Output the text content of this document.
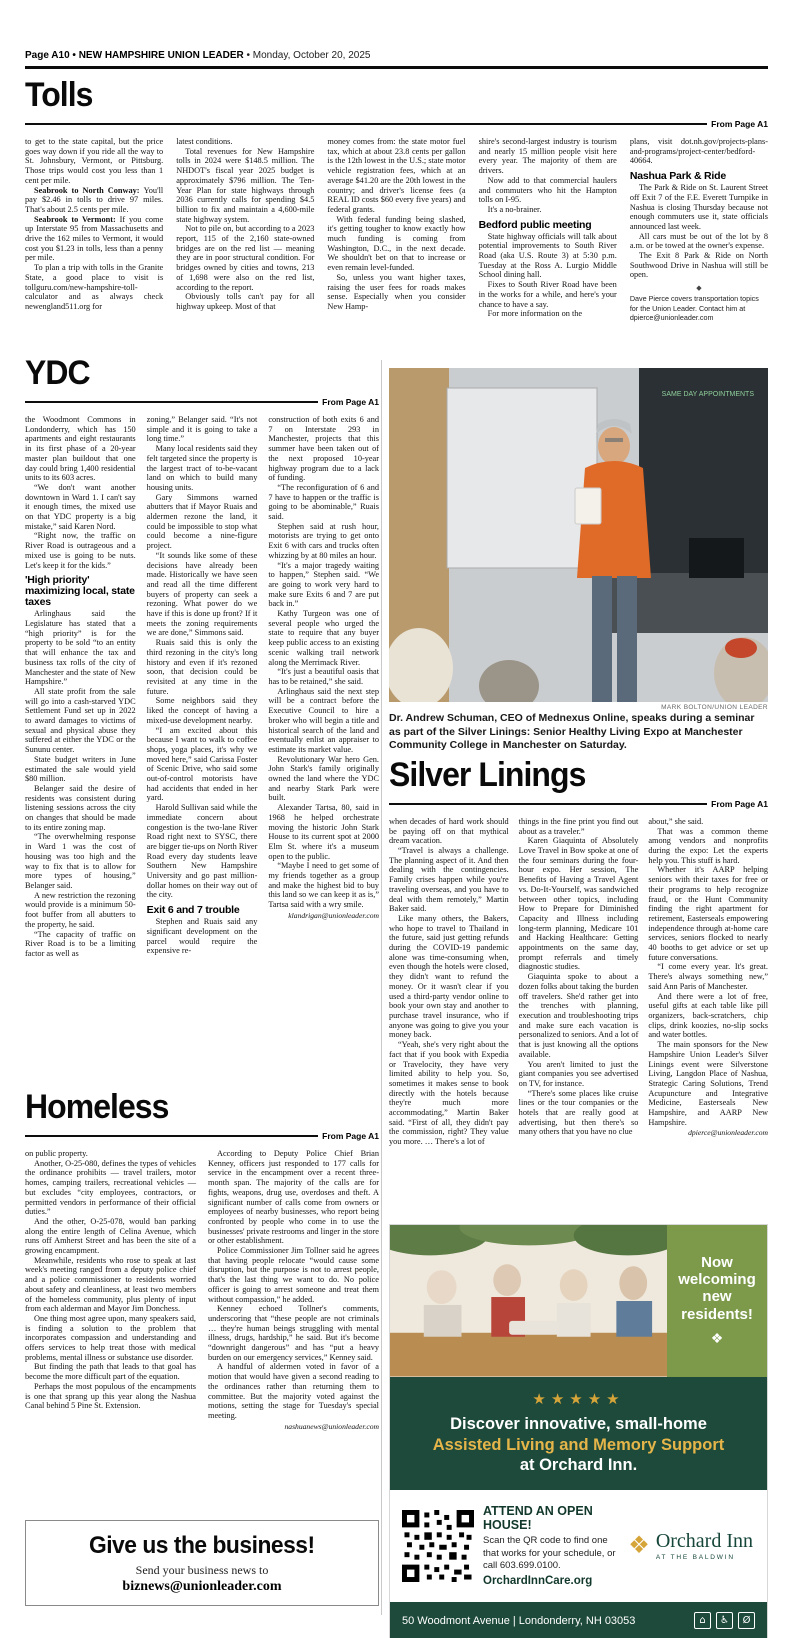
Page A10 • NEW HAMPSHIRE UNION LEADER • Monday, October 20, 2025
Tolls
From Page A1

to get to the state capital, but the price goes way down if you ride all the way to St. Johnsbury, Vermont, or Pittsburg. Those trips would cost you less than 1 cent per mile.

Seabrook to North Conway: You'll pay $2.46 in tolls to drive 97 miles. That's about 2.5 cents per mile.

Seabrook to Vermont: If you come up Interstate 95 from Massachusetts and drive the 162 miles to Vermont, it would cost you $1.23 in tolls, less than a penny per mile.

To plan a trip with tolls in the Granite State, a good place to visit is tollguru.com/new-hampshire-toll-calculator and as always check newengland511.org for

latest conditions.

Total revenues for New Hampshire tolls in 2024 were $148.5 million. The NHDOT's fiscal year 2025 budget is approximately $796 million. The Ten-Year Plan for state highways through 2036 currently calls for spending $4.5 billion to fix and maintain a 4,600-mile state highway system.

Not to pile on, but according to a 2023 report, 115 of the 2,160 state-owned bridges are on the red list — meaning they are in poor structural condition. For bridges owned by cities and towns, 213 of 1,698 were also on the red list, according to the report.

Obviously tolls can't pay for all highway upkeep. Most of that

money comes from: the state motor fuel tax, which at about 23.8 cents per gallon is the 12th lowest in the U.S.; state motor vehicle registration fees, which at an average $41.20 are the 20th lowest in the country; and driver's license fees (a REAL ID costs $60 every five years) and federal grants.

With federal funding being slashed, it's getting tougher to know exactly how much funding is coming from Washington, D.C., in the next decade. We shouldn't bet on that to increase or even remain level-funded.

So, unless you want higher taxes, raising the user fees for roads makes sense. Especially when you consider New Hamp-

shire's second-largest industry is tourism and nearly 15 million people visit here every year. The majority of them are drivers.

Now add to that commercial haulers and commuters who hit the Hampton tolls on I-95.

It's a no-brainer.

Bedford public meeting

State highway officials will talk about potential improvements to South River Road (aka U.S. Route 3) at 5:30 p.m. Tuesday at the Ross A. Lurgio Middle School dining hall.

Fixes to South River Road have been in the works for a while, and here's your chance to have a say.

For more information on the

plans, visit dot.nh.gov/projects-plans-and-programs/project-center/bedford-40664.

Nashua Park & Ride

The Park & Ride on St. Laurent Street off Exit 7 of the F.E. Everett Turnpike in Nashua is closing Thursday because not enough commuters use it, state officials announced last week.

All cars must be out of the lot by 8 a.m. or be towed at the owner's expense.

The Exit 8 Park & Ride on North Southwood Drive in Nashua will still be open.

◆

Dave Pierce covers transportation topics for the Union Leader. Contact him at dpierce@unionleader.com

YDC
From Page A1

the Woodmont Commons in Londonderry, which has 150 apartments and eight restaurants in its first phase of a 20-year master plan buildout that one day could bring 1,400 residential units to its 603 acres.

“We don't want another downtown in Ward 1. I can't say it enough times, the mixed use on that YDC property is a big mistake,” said Karen Nord.

“Right now, the traffic on River Road is outrageous and a mixed use is going to be nuts. Let's keep it for the kids.”

'High priority' maximizing local, state taxes

Arlinghaus said the Legislature has stated that a “high priority” is for the property to be sold “to an entity that will enhance the tax and business tax rolls of the city of Manchester and the state of New Hampshire.”

All state profit from the sale will go into a cash-starved YDC Settlement Fund set up in 2022 to award damages to victims of sexual and physical abuse they suffered at either the YDC or the Sununu center.

State budget writers in June estimated the sale would yield $80 million.

Belanger said the desire of residents was consistent during listening sessions across the city on changes that should be made to its entire zoning map.

“The overwhelming response in Ward 1 was the cost of housing was too high and the way to fix that is to allow for more types of housing,” Belanger said.

A new restriction the rezoning would provide is a minimum 50-foot buffer from all abutters to the property, he said.

“The capacity of traffic on River Road is to be a limiting factor as well as

zoning,” Belanger said. “It's not simple and it is going to take a long time.”

Many local residents said they felt targeted since the property is the largest tract of to-be-vacant land on which to build many housing units.

Gary Simmons warned abutters that if Mayor Ruais and aldermen rezone the land, it could be impossible to stop what could become a nine-figure project.

“It sounds like some of these decisions have already been made. Historically we have seen and read all the time different buyers of property can seek a rezoning. What power do we have if this is done up front? If it meets the zoning requirements we are done,” Simmons said.

Ruais said this is only the third rezoning in the city's long history and even if it's rezoned soon, that decision could be revisited at any time in the future.

Some neighbors said they liked the concept of having a mixed-use development nearby.

“I am excited about this because I want to walk to coffee shops, yoga places, it's why we moved here,” said Carissa Foster of Scenic Drive, who said some out-of-control motorists have had accidents that ended in her yard.

Harold Sullivan said while the immediate concern about congestion is the two-lane River Road right next to SYSC, there are bigger tie-ups on North River Road every day students leave Southern New Hampshire University and go past million-dollar homes on their way out of the city.

Exit 6 and 7 trouble

Stephen and Ruais said any significant development on the parcel would require the expensive re-

construction of both exits 6 and 7 on Interstate 293 in Manchester, projects that this summer have been taken out of the next proposed 10-year highway program due to a lack of funding.

“The reconfiguration of 6 and 7 have to happen or the traffic is going to be abominable,” Ruais said.

Stephen said at rush hour, motorists are trying to get onto Exit 6 with cars and trucks often whizzing by at 80 miles an hour.

“It's a major tragedy waiting to happen,” Stephen said. “We are going to work very hard to make sure Exits 6 and 7 are put back in.”

Kathy Turgeon was one of several people who urged the state to require that any buyer keep public access to an existing scenic walking trail network along the Merrimack River.

“It's just a beautiful oasis that has to be retained,” she said.

Arlinghaus said the next step will be a contract before the Executive Council to hire a broker who will begin a title and historical search of the land and eventually enlist an appraiser to estimate its market value.

Revolutionary War hero Gen. John Stark's family originally owned the land where the YDC and nearby Stark Park were built.

Alexander Tartsa, 80, said in 1968 he helped orchestrate moving the historic John Stark House to its current spot at 2000 Elm St. where it's a museum open to the public.

“Maybe I need to get some of my friends together as a group and make the highest bid to buy this land so we can keep it as is,” Tartsa said with a wry smile.

klandrigan@unionleader.com

Homeless
From Page A1

on public property.

Another, O-25-080, defines the types of vehicles the ordinance prohibits — travel trailers, motor homes, camping trailers, recreational vehicles — but excludes “city employees, contractors, or permitted vendors in performance of their official duties.”

And the other, O-25-078, would ban parking along the entire length of Celina Avenue, which runs off Amherst Street and has been the site of a growing encampment.

Meanwhile, residents who rose to speak at last week's meeting ranged from a deputy police chief and a police commissioner to residents worried about safety and cleanliness, at least two members of the homeless community, plus plenty of input from each alderman and Mayor Jim Donchess.

One thing most agree upon, many speakers said, is finding a solution to the problem that incorporates compassion and understanding and offers services to help treat those with medical problems, mental illness or substance use disorder.

But finding the path that leads to that goal has become the more difficult part of the equation.

Perhaps the most populous of the encampments is one that sprang up this year along the Nashua Canal behind 5 Pine St. Extension.

According to Deputy Police Chief Brian Kenney, officers just responded to 177 calls for service in the encampment over a recent three-month span. The majority of the calls are for fights, weapons, drug use, overdoses and theft. A significant number of calls come from owners or employees of nearby businesses, who report being confronted by people who come in to use the businesses' private restrooms and linger in the store or other establishment.

Police Commissioner Jim Tollner said he agrees that having people relocate “would cause some disruption, but the purpose is not to arrest people, that's the last thing we want to do. No police officer is going to arrest someone and treat them without compassion,” he added.

Kenney echoed Tollner's comments, underscoring that “these people are not criminals … they're human beings struggling with mental illness, drugs, hardship,” he said. But it's become “downright dangerous” and has “put a heavy burden on our emergency services,” Kenney said.

A handful of aldermen voted in favor of a motion that would have given a second reading to the ordinances rather than returning them to committee. But the majority voted against the motions, setting the stage for Tuesday's special meeting.

nashuanews@unionleader.com

Give us the business!
Send your business news to
biznews@unionleader.com
SAME DAY APPOINTMENTS
MARK BOLTON/UNION LEADER
Dr. Andrew Schuman, CEO of Mednexus Online, speaks during a seminar as part of the Silver Linings: Senior Healthy Living Expo at Manchester Community College in Manchester on Saturday.
Silver Linings
From Page A1

when decades of hard work should be paying off on that mythical dream vacation.

“Travel is always a challenge. The planning aspect of it. And then dealing with the contingencies. Family crises happen while you're traveling overseas, and you have to deal with them remotely,” Martin Baker said.

Like many others, the Bakers, who hope to travel to Thailand in the future, said just getting refunds during the COVID-19 pandemic alone was time-consuming when, even though the hotels were closed, they didn't want to refund the money. Or it wasn't clear if you used a third-party vendor online to book your own stay and another to purchase travel insurance, who if anyone was going to give you your money back.

“Yeah, she's very right about the fact that if you book with Expedia or Travelocity, they have very limited ability to help you. So, sometimes it makes sense to book directly with the hotels because they're much more accommodating,” Martin Baker said. “First of all, they didn't pay the commission, right? They value you more. … There's a lot of

things in the fine print you find out about as a traveler.”

Karen Giaquinta of Absolutely Love Travel in Bow spoke at one of the four seminars during the four-hour expo. Her session, The Benefits of Having a Travel Agent vs. Do-It-Yourself, was sandwiched between other topics, including How to Prepare for Diminished Capacity and Illness including long-term planning, Medicare 101 and Hacking Healthcare: Getting appointments on the same day, prompt referrals and timely diagnostic studies.

Giaquinta spoke to about a dozen folks about taking the burden off travelers. She'd rather get into the trenches with planning, execution and troubleshooting trips and make sure each vacation is personalized to seniors. And a lot of that is just knowing all the options available.

You aren't limited to just the giant companies you see advertised on TV, for instance.

“There's some places like cruise lines or the tour companies or the hotels that are really good at advertising, but then there's so many others that you have no clue

about,” she said.

That was a common theme among vendors and nonprofits during the expo: Let the experts help you. This stuff is hard.

Whether it's AARP helping seniors with their taxes for free or their programs to help recognize fraud, or the Hunt Community finding the right apartment for retirement, Easterseals empowering independence through at-home care services, seniors flocked to nearly 40 booths to get advice or set up future conversations.

“I come every year. It's great. There's always something new,” said Ann Paris of Manchester.

And there were a lot of free, useful gifts at each table like pill organizers, back-scratchers, chip clips, drink koozies, no-slip socks and water bottles.

The main sponsors for the New Hampshire Union Leader's Silver Linings event were Silverstone Living, Langdon Place of Nashua, Strategic Caring Solutions, Trend Acupuncture and Integrative Medicine, Easterseals New Hampshire, and AARP New Hampshire.

dpierce@unionleader.com

Now welcoming new residents!
❖
★★★★★
Discover innovative, small-home
Assisted Living and Memory Support
at Orchard Inn.
ATTEND AN OPEN HOUSE!
Scan the QR code to find one that works for your schedule, or call 603.699.0100.
OrchardInnCare.org
❖ Orchard Inn
AT THE BALDWIN
50 Woodmont Avenue | Londonderry, NH 03053	⌂	♿	Ø
